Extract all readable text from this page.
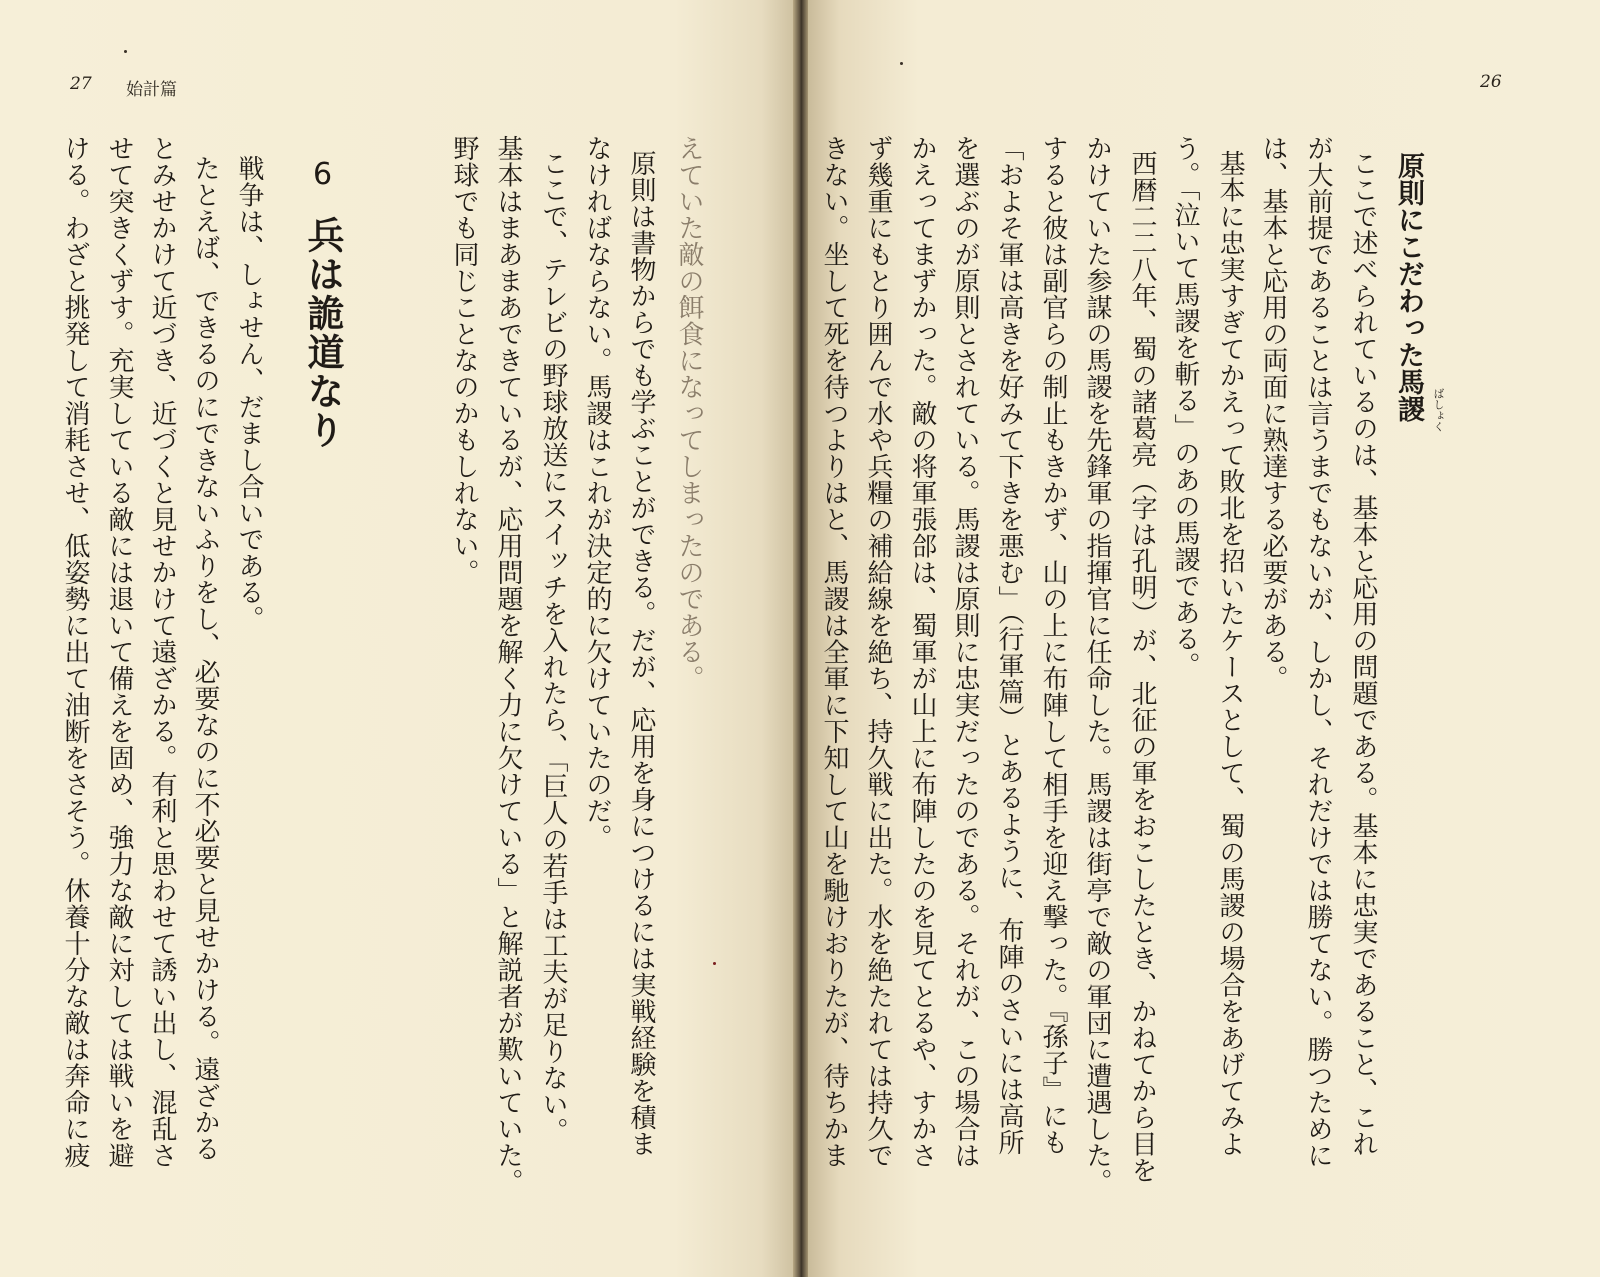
27 始計篇
えていた敵の餌食になってしまったのである。
原則は書物からでも学ぶことができる。だが、応用を身につけるには実戦経験を積ま
なければならない。馬謖はこれが決定的に欠けていたのだ。
ここで、テレビの野球放送にスイッチを入れたら、「巨人の若手は工夫が足りない。
基本はまあまあできているが、応用問題を解く力に欠けている」と解説者が歎いていた。
野球でも同じことなのかもしれない。
6
兵は詭道なり
戦争は、しょせん、だまし合いである。
たとえば、できるのにできないふりをし、必要なのに不必要と見せかける。遠ざかる
とみせかけて近づき、近づくと見せかけて遠ざかる。有利と思わせて誘い出し、混乱さ
せて突きくずす。充実している敵には退いて備えを固め、強力な敵に対しては戦いを避
ける。わざと挑発して消耗させ、低姿勢に出て油断をさそう。休養十分な敵は奔命に疲
26
原則にこだわった馬謖 ばしょく
ここで述べられているのは、基本と応用の問題である。基本に忠実であること、これ
が大前提であることは言うまでもないが、しかし、それだけでは勝てない。勝つために
は、基本と応用の両面に熟達する必要がある。
基本に忠実すぎてかえって敗北を招いたケースとして、蜀の馬謖の場合をあげてみよ
う。「泣いて馬謖を斬る」のあの馬謖である。
西暦二二八年、蜀の諸葛亮（字は孔明）が、北征の軍をおこしたとき、かねてから目を
かけていた参謀の馬謖を先鋒軍の指揮官に任命した。馬謖は街亭で敵の軍団に遭遇した。
すると彼は副官らの制止もきかず、山の上に布陣して相手を迎え撃った。『孫子』にも
「およそ軍は高きを好みて下きを悪む」（行軍篇）とあるように、布陣のさいには高所
を選ぶのが原則とされている。馬謖は原則に忠実だったのである。それが、この場合は
かえってまずかった。敵の将軍張郃は、蜀軍が山上に布陣したのを見てとるや、すかさ
ず幾重にもとり囲んで水や兵糧の補給線を絶ち、持久戦に出た。水を絶たれては持久で
きない。坐して死を待つよりはと、馬謖は全軍に下知して山を馳けおりたが、待ちかま
